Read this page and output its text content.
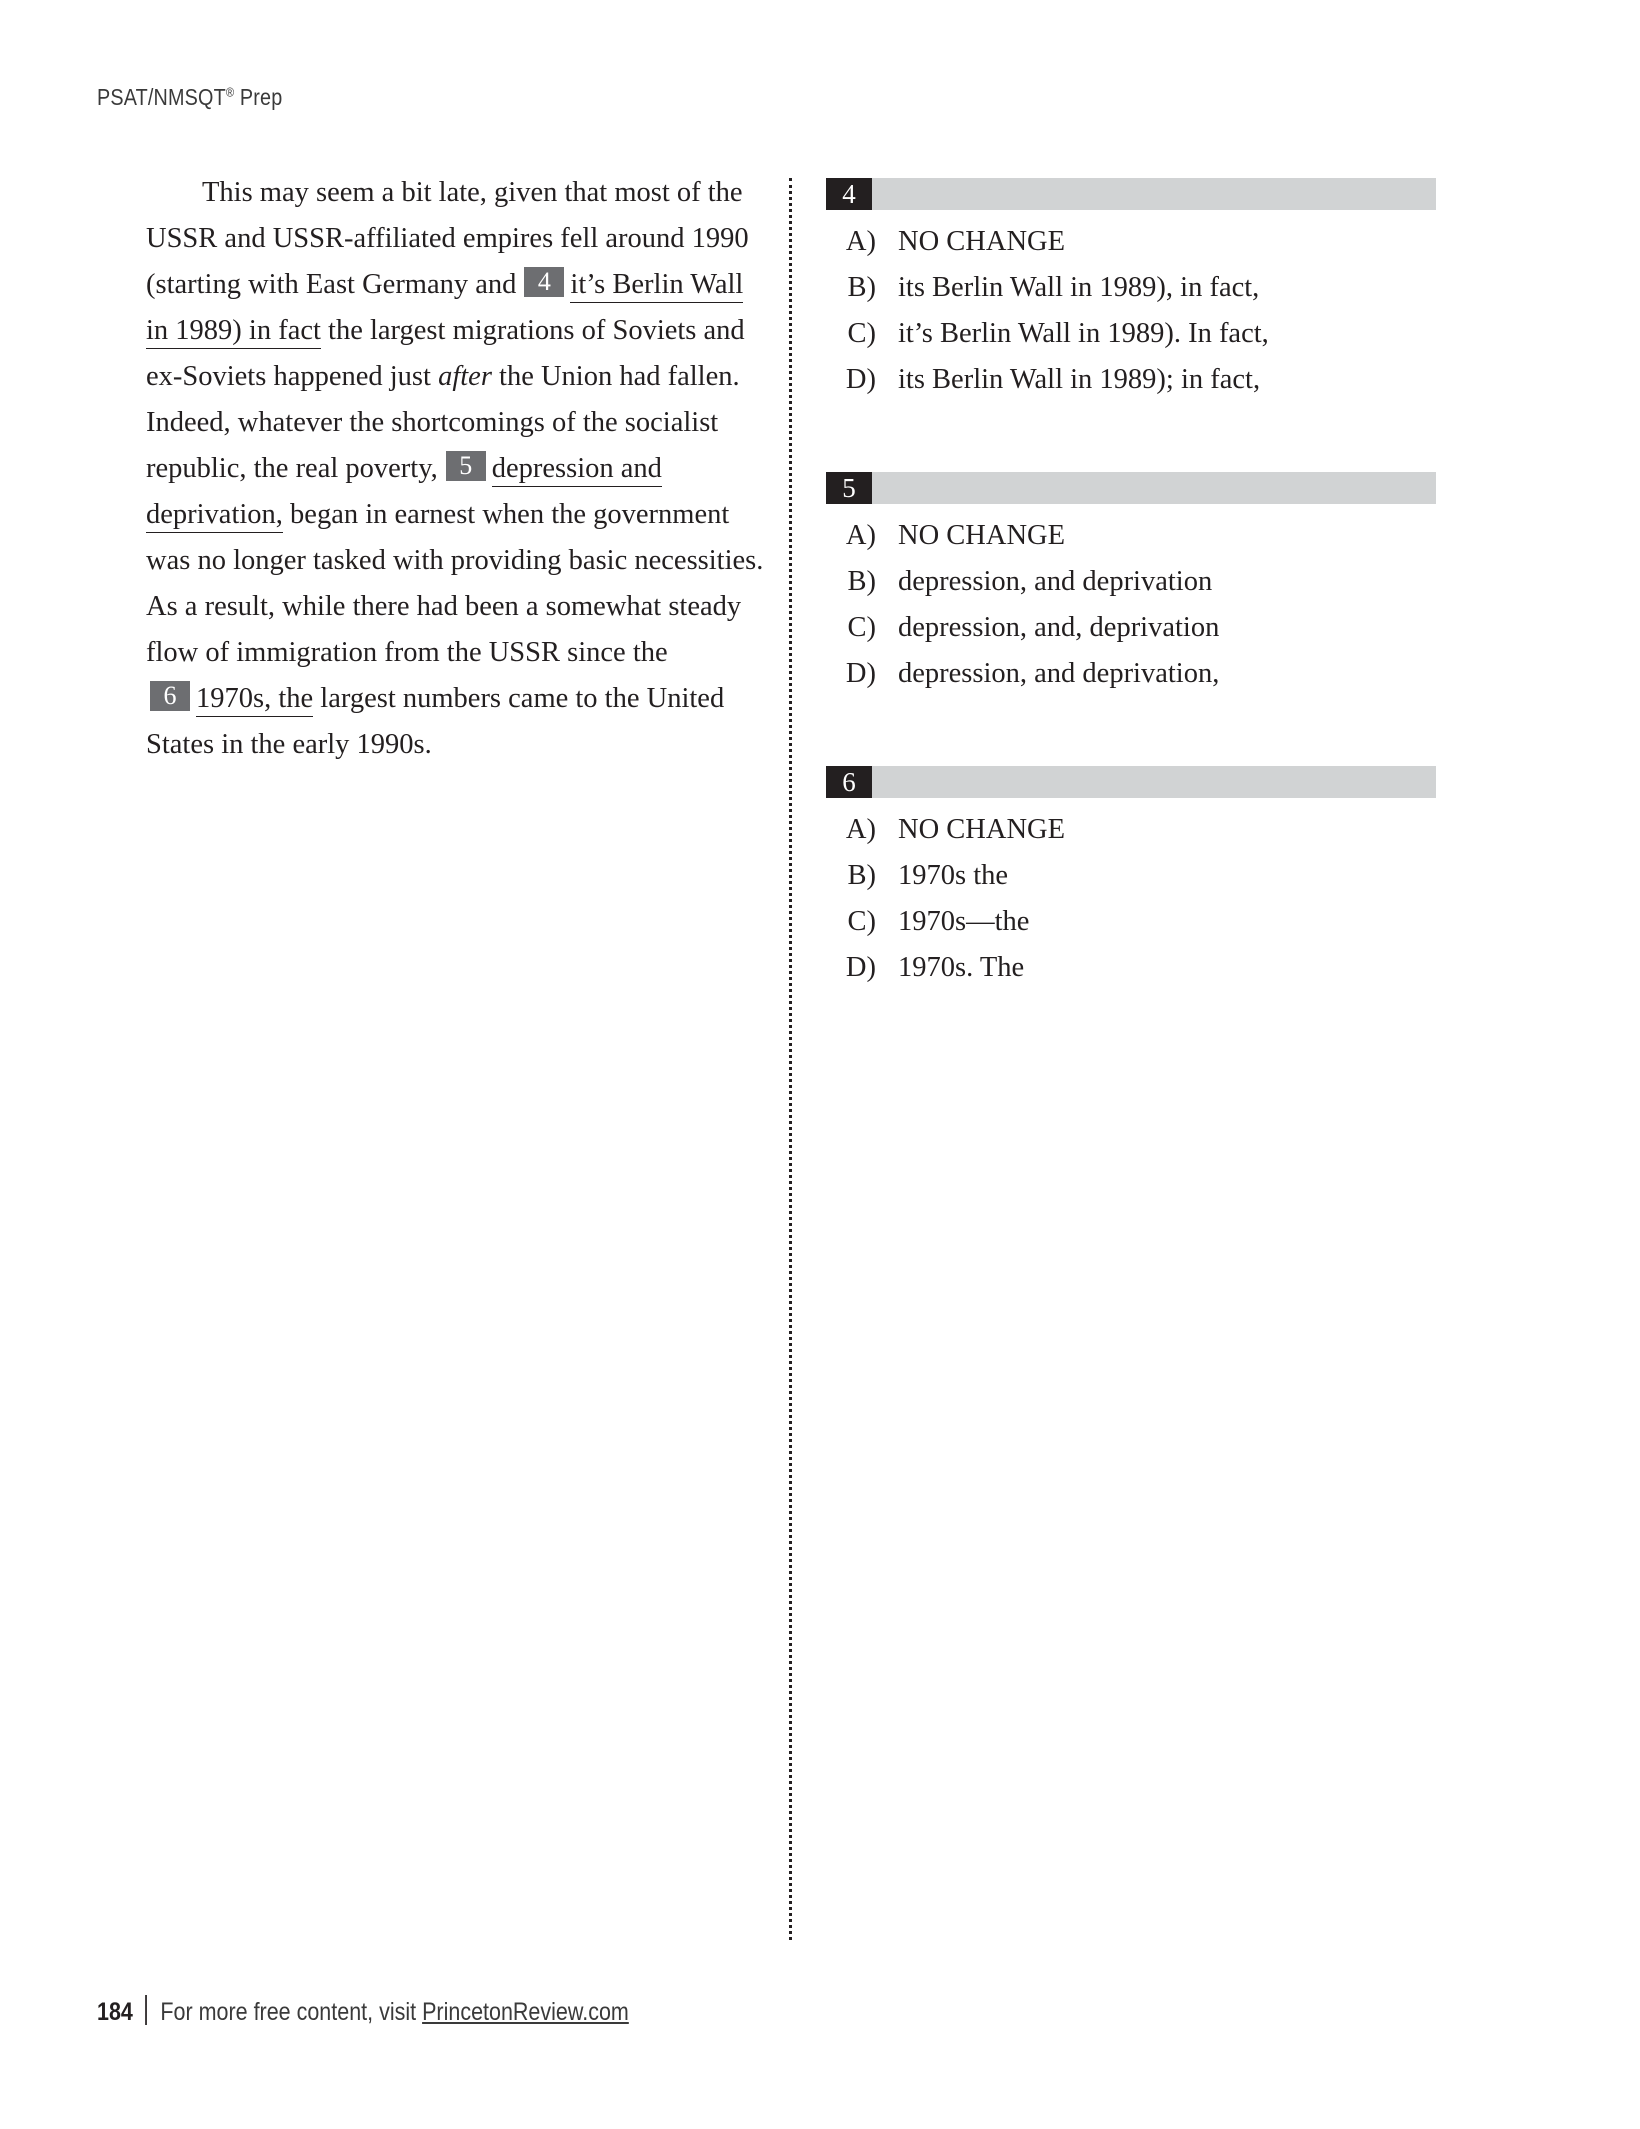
PSAT/NMSQT® Prep
This may seem a bit late, given that most of the
USSR and USSR-affiliated empires fell around 1990
(starting with East Germany and 4 it’s Berlin Wall
in 1989) in fact the largest migrations of Soviets and
ex-Soviets happened just after the Union had fallen.
Indeed, whatever the shortcomings of the socialist
republic, the real poverty, 5 depression and
deprivation, began in earnest when the government
was no longer tasked with providing basic necessities.
As a result, while there had been a somewhat steady
flow of immigration from the USSR since the
6 1970s, the largest numbers came to the United
States in the early 1990s.
4
A) NO CHANGE
B) its Berlin Wall in 1989), in fact,
C) it’s Berlin Wall in 1989). In fact,
D) its Berlin Wall in 1989); in fact,
5
A) NO CHANGE
B) depression, and deprivation
C) depression, and, deprivation
D) depression, and deprivation,
6
A) NO CHANGE
B) 1970s the
C) 1970s—the
D) 1970s. The
184 For more free content, visit PrincetonReview.com
